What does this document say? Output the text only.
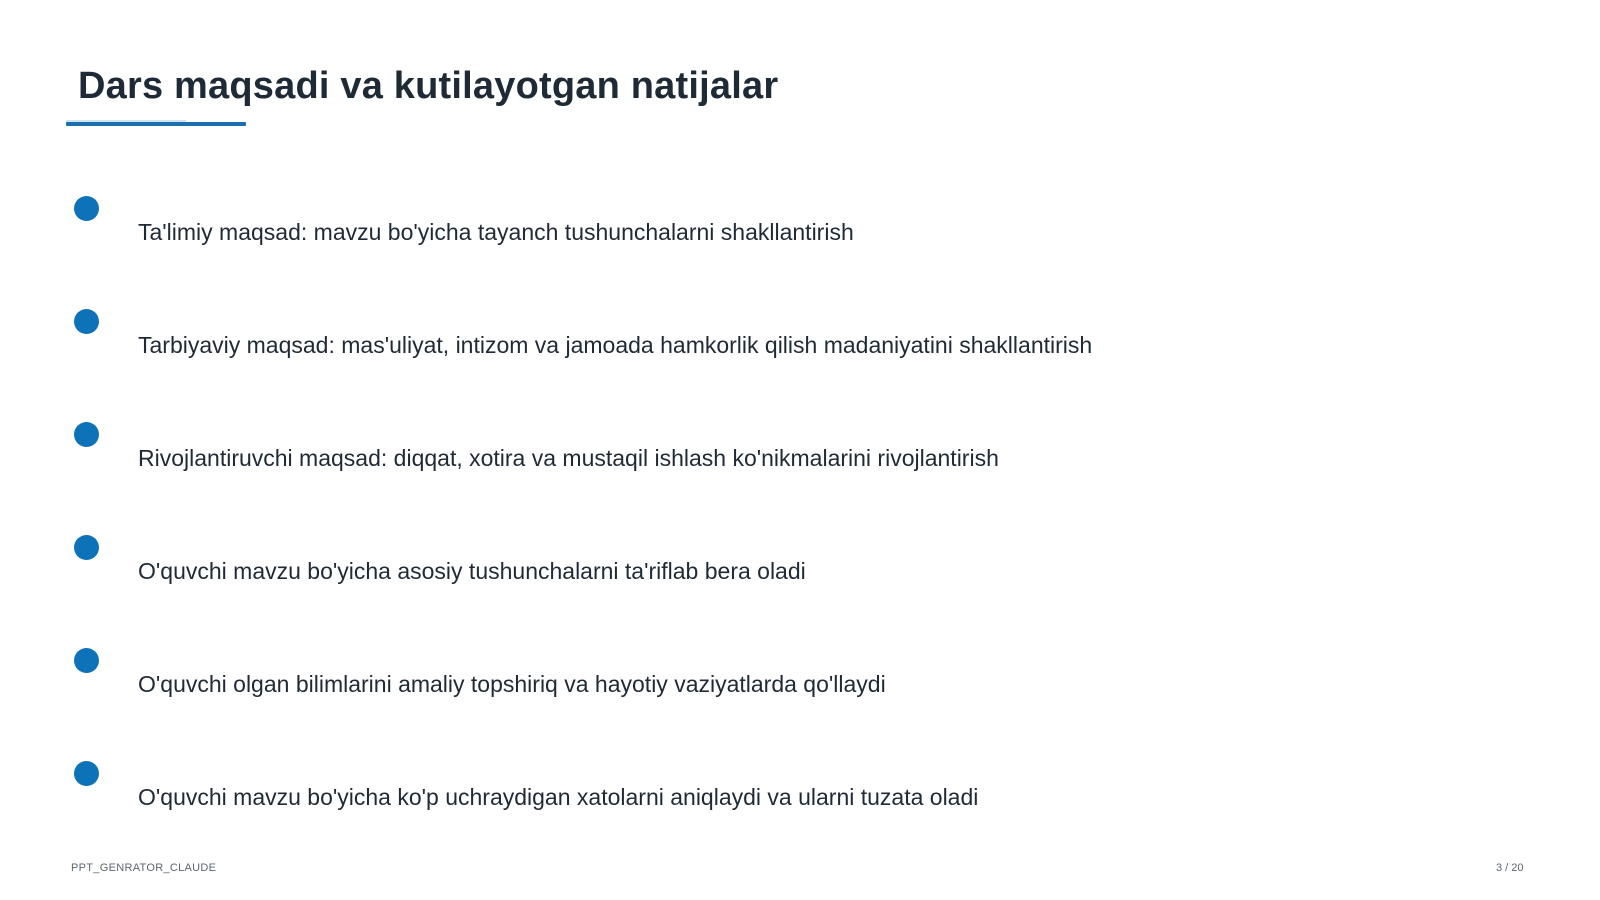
Dars maqsadi va kutilayotgan natijalar
Ta'limiy maqsad: mavzu bo'yicha tayanch tushunchalarni shakllantirish
Tarbiyaviy maqsad: mas'uliyat, intizom va jamoada hamkorlik qilish madaniyatini shakllantirish
Rivojlantiruvchi maqsad: diqqat, xotira va mustaqil ishlash ko'nikmalarini rivojlantirish
O'quvchi mavzu bo'yicha asosiy tushunchalarni ta'riflab bera oladi
O'quvchi olgan bilimlarini amaliy topshiriq va hayotiy vaziyatlarda qo'llaydi
O'quvchi mavzu bo'yicha ko'p uchraydigan xatolarni aniqlaydi va ularni tuzata oladi
PPT_GENRATOR_CLAUDE	3 / 20
